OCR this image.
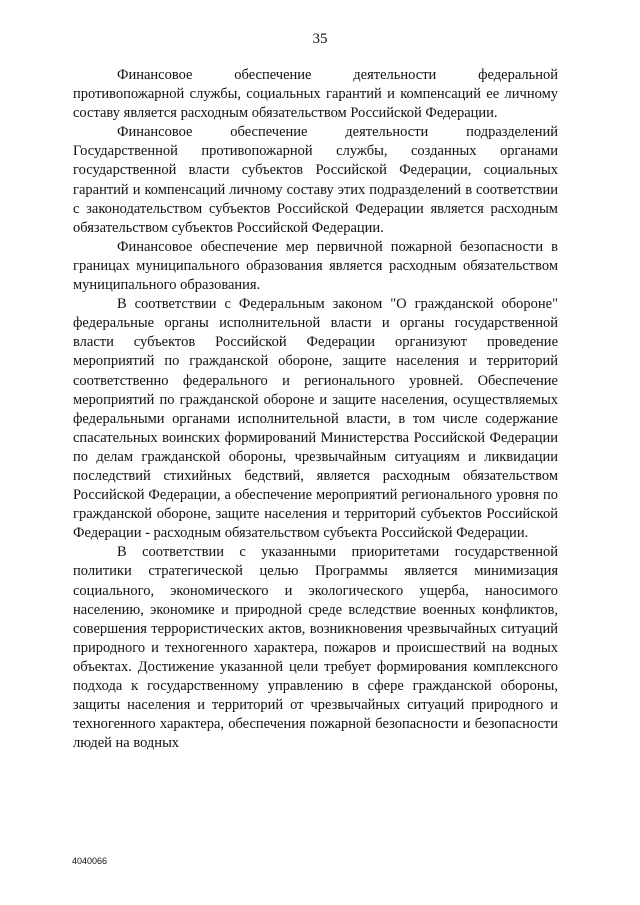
35

Финансовое обеспечение деятельности федеральной противопожарной службы, социальных гарантий и компенсаций ее личному составу является расходным обязательством Российской Федерации.

Финансовое обеспечение деятельности подразделений Государственной противопожарной службы, созданных органами государственной власти субъектов Российской Федерации, социальных гарантий и компенсаций личному составу этих подразделений в соответствии с законодательством субъектов Российской Федерации является расходным обязательством субъектов Российской Федерации.

Финансовое обеспечение мер первичной пожарной безопасности в границах муниципального образования является расходным обязательством муниципального образования.

В соответствии с Федеральным законом "О гражданской обороне" федеральные органы исполнительной власти и органы государственной власти субъектов Российской Федерации организуют проведение мероприятий по гражданской обороне, защите населения и территорий соответственно федерального и регионального уровней. Обеспечение мероприятий по гражданской обороне и защите населения, осуществляемых федеральными органами исполнительной власти, в том числе содержание спасательных воинских формирований Министерства Российской Федерации по делам гражданской обороны, чрезвычайным ситуациям и ликвидации последствий стихийных бедствий, является расходным обязательством Российской Федерации, а обеспечение мероприятий регионального уровня по гражданской обороне, защите населения и территорий субъектов Российской Федерации - расходным обязательством субъекта Российской Федерации.

В соответствии с указанными приоритетами государственной политики стратегической целью Программы является минимизация социального, экономического и экологического ущерба, наносимого населению, экономике и природной среде вследствие военных конфликтов, совершения террористических актов, возникновения чрезвычайных ситуаций природного и техногенного характера, пожаров и происшествий на водных объектах. Достижение указанной цели требует формирования комплексного подхода к государственному управлению в сфере гражданской обороны, защиты населения и территорий от чрезвычайных ситуаций природного и техногенного характера, обеспечения пожарной безопасности и безопасности людей на водных

4040066
